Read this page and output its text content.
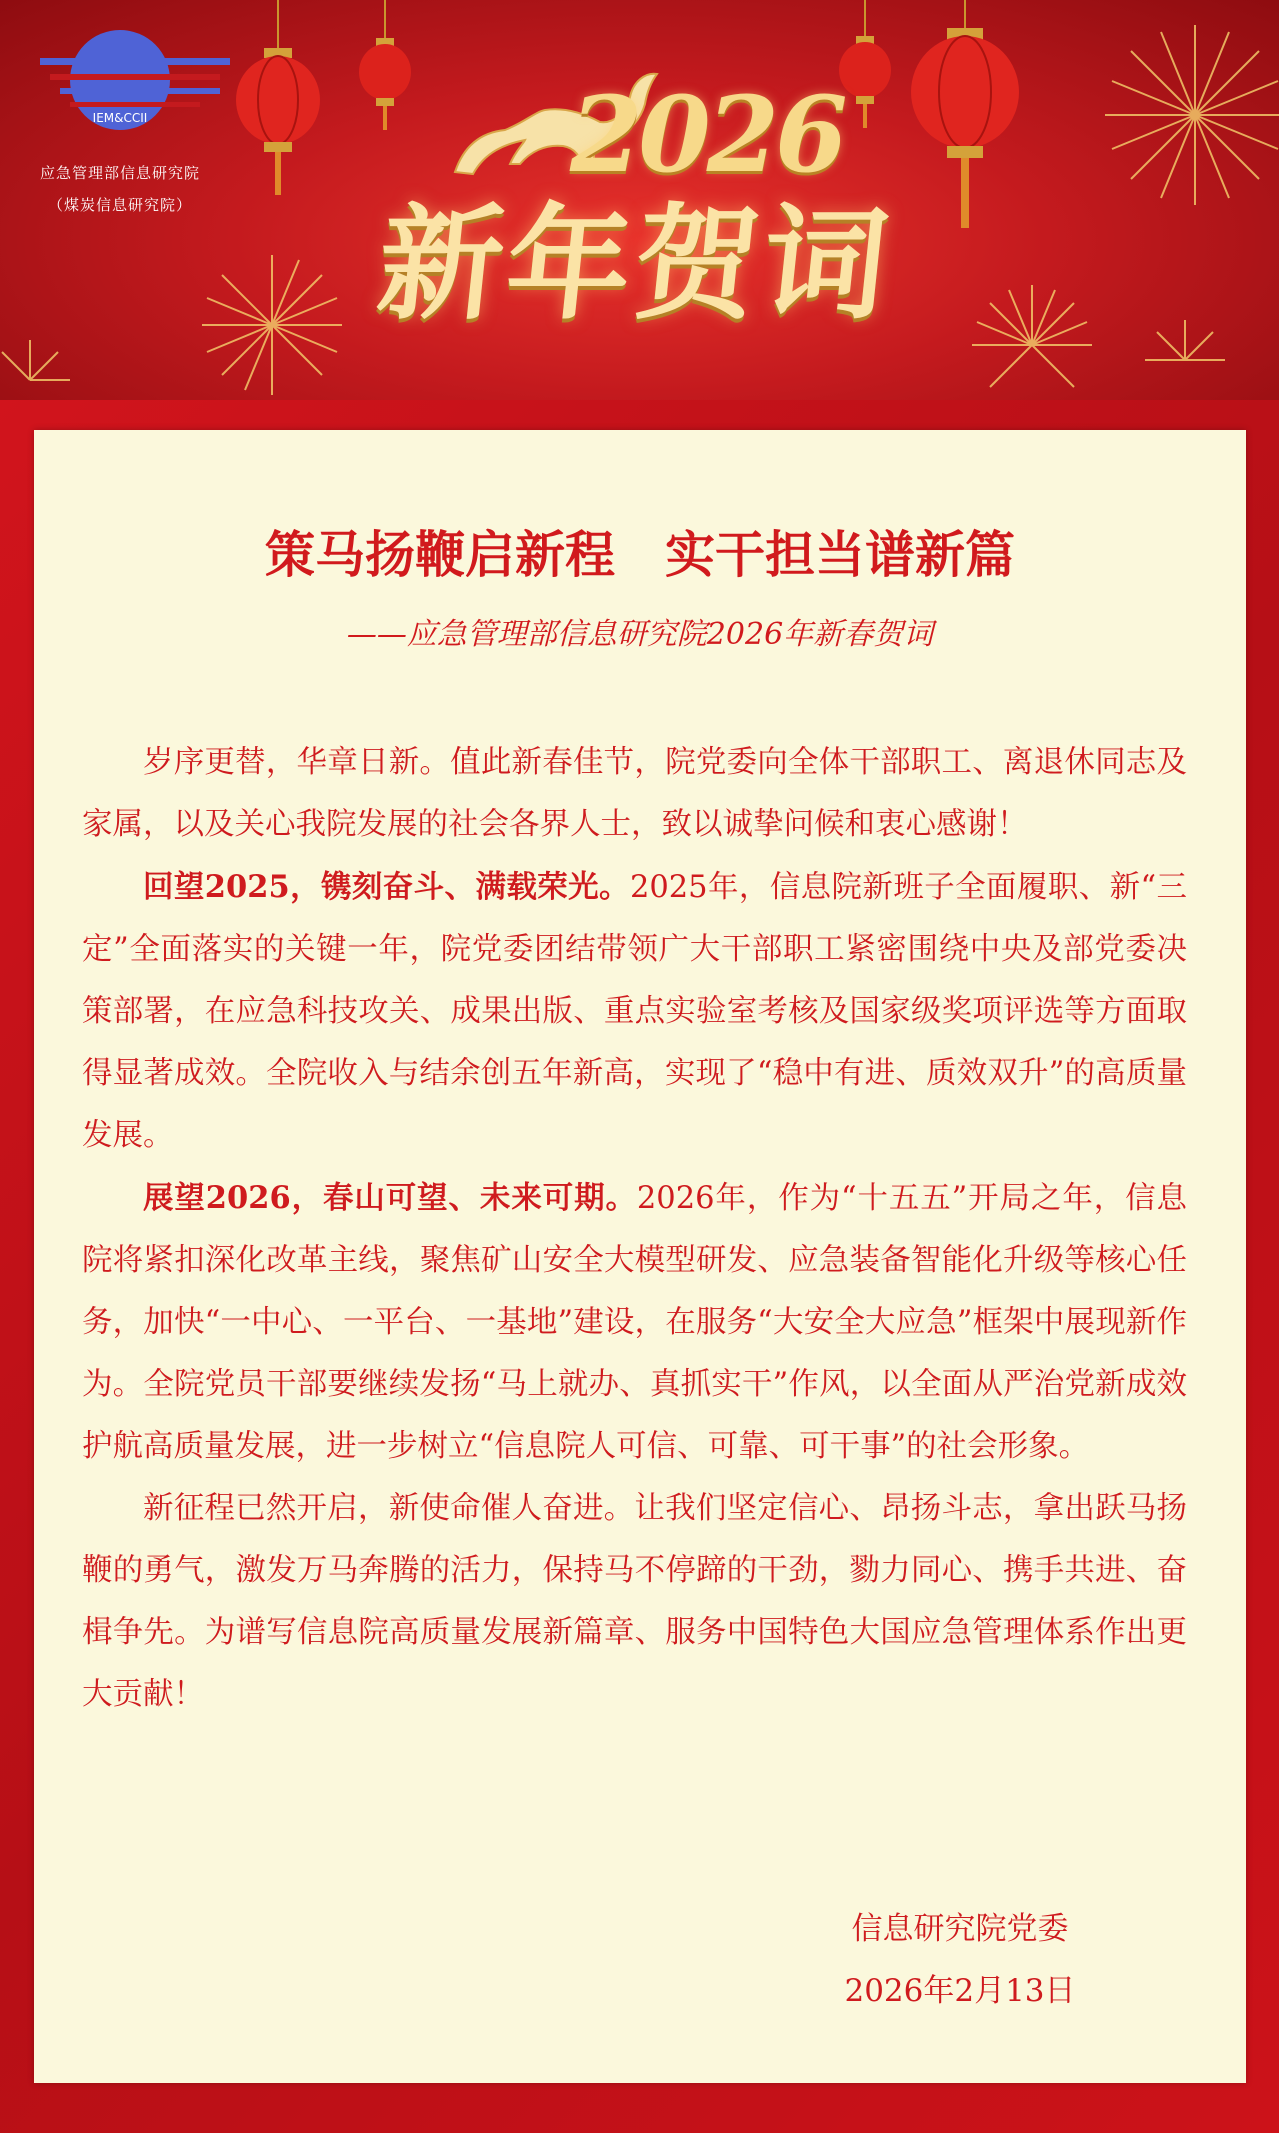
2026
新年贺词
IEM&CCII
应急管理部信息研究院
（煤炭信息研究院）
策马扬鞭启新程　实干担当谱新篇
——应急管理部信息研究院2026年新春贺词

岁序更替，华章日新。值此新春佳节，院党委向全体干部职工、离退休同志及家属，以及关心我院发展的社会各界人士，致以诚挚问候和衷心感谢！

回望2025，镌刻奋斗、满载荣光。2025年，信息院新班子全面履职、新“三定”全面落实的关键一年，院党委团结带领广大干部职工紧密围绕中央及部党委决策部署，在应急科技攻关、成果出版、重点实验室考核及国家级奖项评选等方面取得显著成效。全院收入与结余创五年新高，实现了“稳中有进、质效双升”的高质量发展。

展望2026，春山可望、未来可期。2026年，作为“十五五”开局之年，信息院将紧扣深化改革主线，聚焦矿山安全大模型研发、应急装备智能化升级等核心任务，加快“一中心、一平台、一基地”建设，在服务“大安全大应急”框架中展现新作为。全院党员干部要继续发扬“马上就办、真抓实干”作风，以全面从严治党新成效护航高质量发展，进一步树立“信息院人可信、可靠、可干事”的社会形象。

新征程已然开启，新使命催人奋进。让我们坚定信心、昂扬斗志，拿出跃马扬鞭的勇气，激发万马奔腾的活力，保持马不停蹄的干劲，勠力同心、携手共进、奋楫争先。为谱写信息院高质量发展新篇章、服务中国特色大国应急管理体系作出更大贡献！

信息研究院党委
2026年2月13日
